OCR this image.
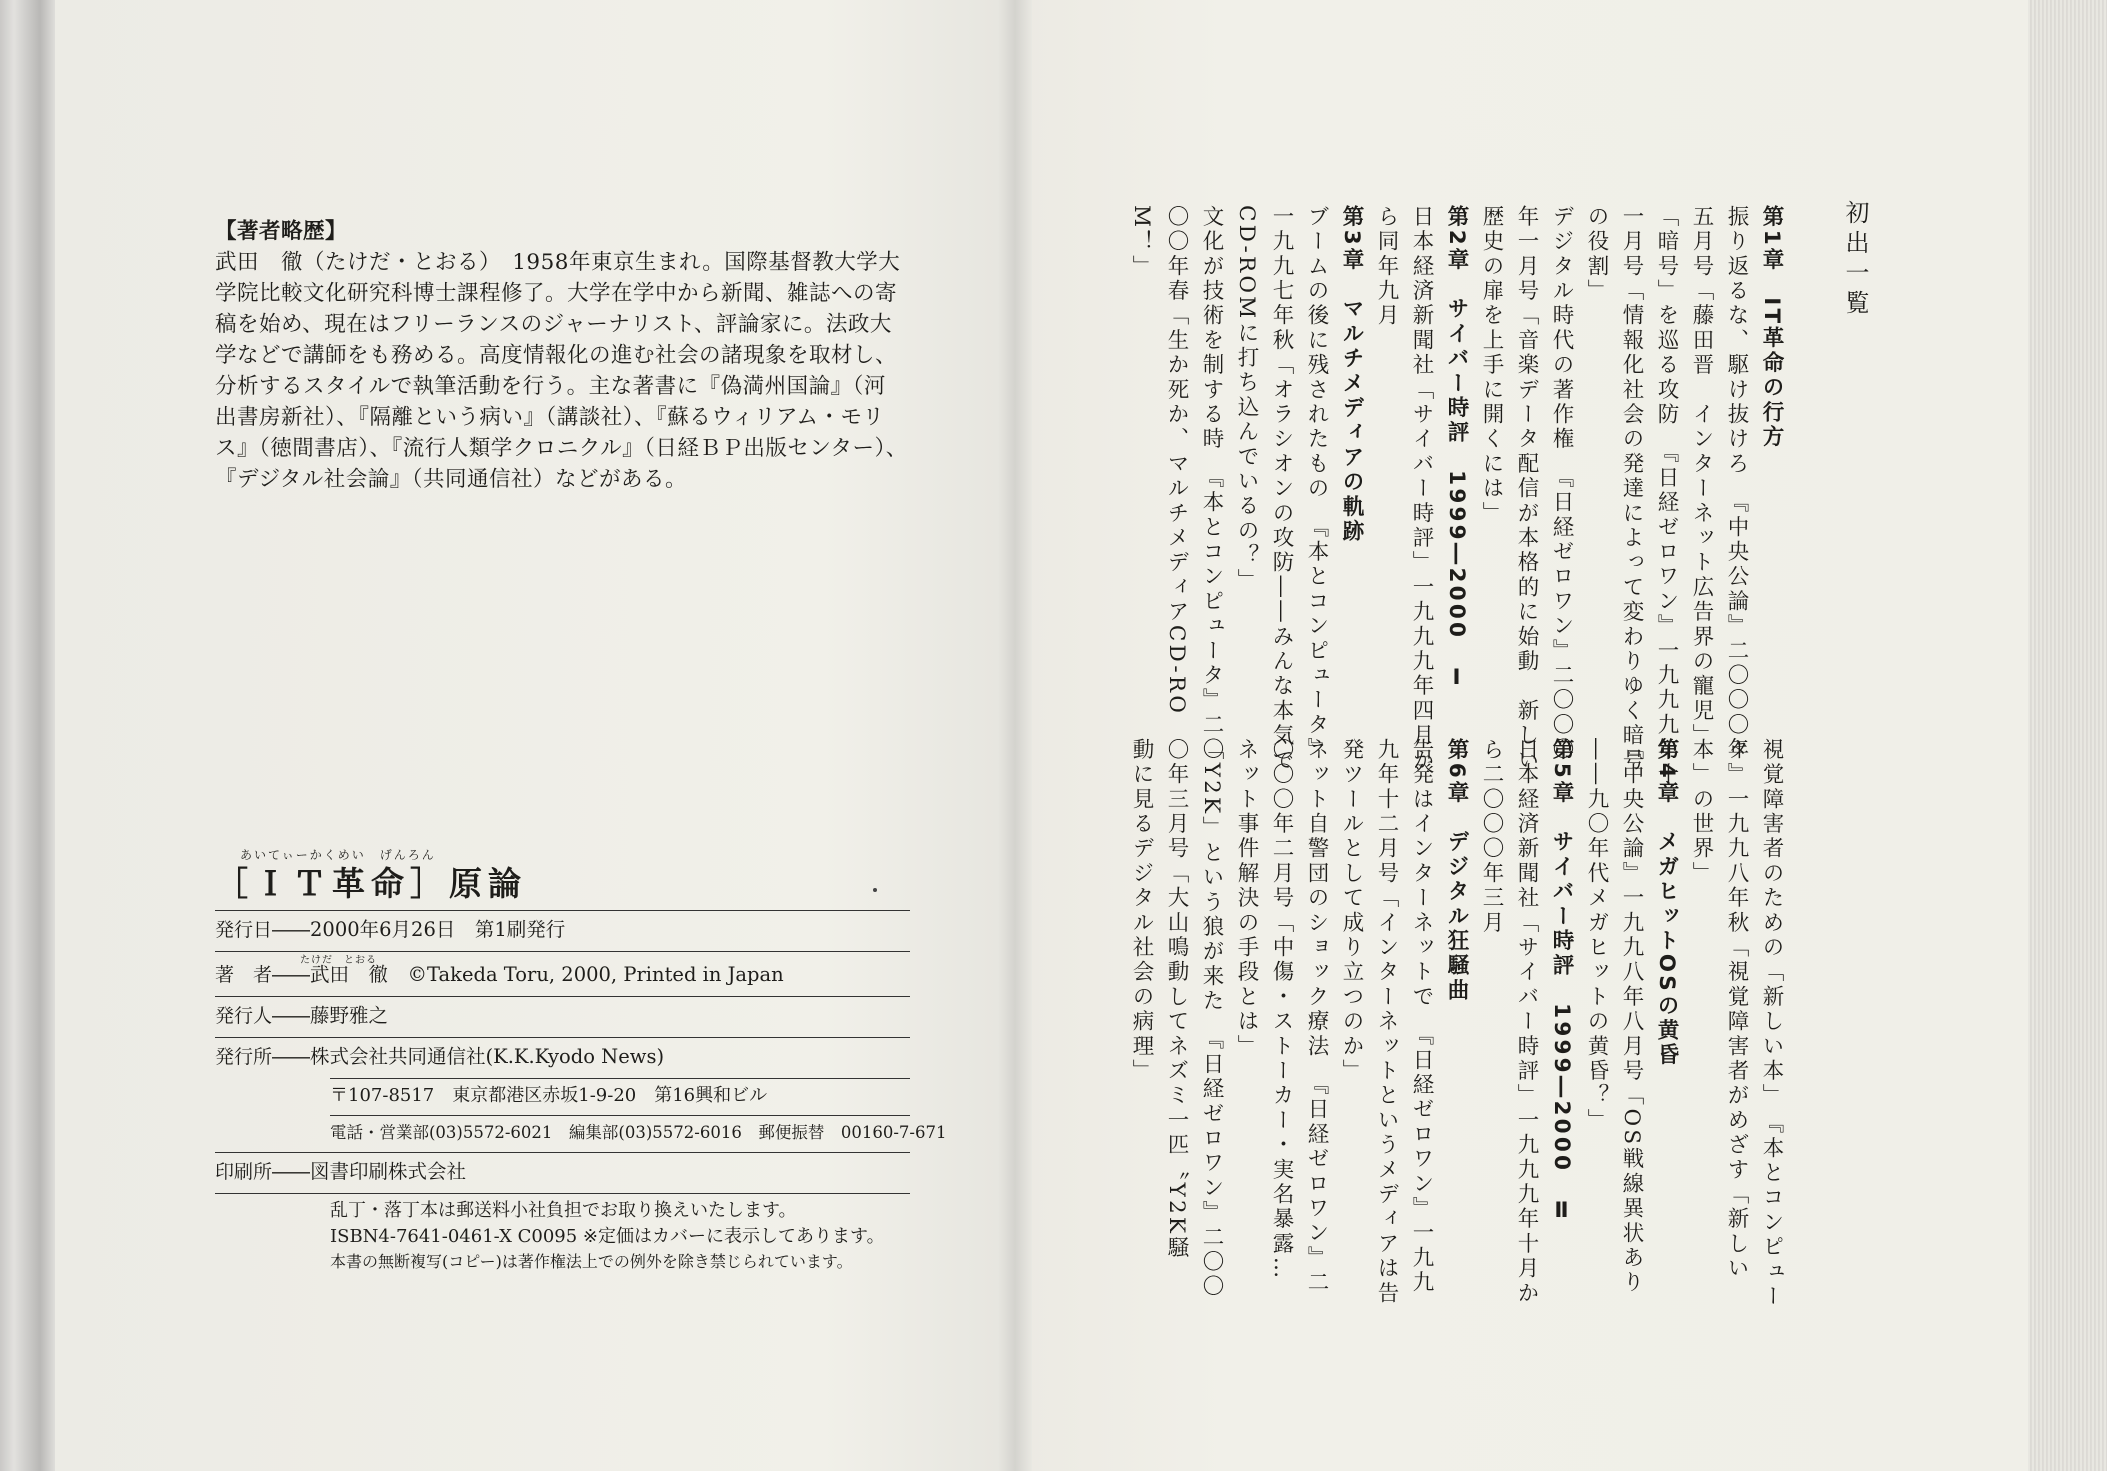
【著者略歴】

武田　徹（たけだ・とおる）　1958年東京生まれ。国際基督教大学大

学院比較文化研究科博士課程修了。大学在学中から新聞、雑誌への寄

稿を始め、現在はフリーランスのジャーナリスト、評論家に。法政大

学などで講師をも務める。高度情報化の進む社会の諸現象を取材し、

分析するスタイルで執筆活動を行う。主な著書に『偽満州国論』（河

出書房新社）、『隔離という病い』（講談社）、『蘇るウィリアム・モリ

ス』（徳間書店）、『流行人類学クロニクル』（日経ＢＰ出版センター）、

『デジタル社会論』（共同通信社）などがある。

あいてぃーかくめい　げんろん

［ＩＴ革命］原論

発行日――2000年6月26日　第1刷発行
たけだ　とおる
著　者――武田　徹　©Takeda Toru, 2000, Printed in Japan
発行人――藤野雅之
発行所――株式会社共同通信社(K.K.Kyodo News)
〒107-8517　東京都港区赤坂1-9-20　第16興和ビル
電話・営業部(03)5572-6021　編集部(03)5572-6016　郵便振替　00160-7-671
印刷所――図書印刷株式会社
乱丁・落丁本は郵送料小社負担でお取り換えいたします。
ISBN4-7641-0461-X C0095 ※定価はカバーに表示してあります。
本書の無断複写(コピー)は著作権法上での例外を除き禁じられています。
初出一覧
第1章　IT革命の行方
振り返るな、駆け抜けろ　『中央公論』二〇〇〇年
五月号「藤田晋　インターネット広告界の寵児」
「暗号」を巡る攻防　『日経ゼロワン』一九九九年十
一月号「情報化社会の発達によって変わりゆく暗号
の役割」
デジタル時代の著作権　『日経ゼロワン』二〇〇〇
年一月号「音楽データ配信が本格的に始動　新しい
歴史の扉を上手に開くには」
第2章　サイバー時評　1999―2000　Ⅰ
日本経済新聞社「サイバー時評」一九九九年四月か
ら同年九月
第3章　マルチメディアの軌跡
ブームの後に残されたもの　『本とコンピュータ』
一九九七年秋「オラシオンの攻防――みんな本気で
CD-ROMに打ち込んでいるの？」
文化が技術を制する時　『本とコンピュータ』二〇
〇〇年春「生か死か、マルチメディアCD-RO
M！」
視覚障害者のための「新しい本」　『本とコンピュー
タ』一九九八年秋「視覚障害者がめざす「新しい
本」の世界」
第4章　メガヒットOSの黄昏
『中央公論』一九九八年八月号「OS戦線異状あり
――九〇年代メガヒットの黄昏？」
第5章　サイバー時評　1999―2000　Ⅱ
日本経済新聞社「サイバー時評」一九九九年十月か
ら二〇〇〇年三月
第6章　デジタル狂騒曲
告発はインターネットで　『日経ゼロワン』一九九
九年十二月号「インターネットというメディアは告
発ツールとして成り立つのか」
ネット自警団のショック療法　『日経ゼロワン』二
〇〇〇年二月号「中傷・ストーカー・実名暴露…
ネット事件解決の手段とは」
「Y2K」という狼が来た　『日経ゼロワン』二〇〇
〇年三月号「大山鳴動してネズミ一匹〝Y2K騒
動に見るデジタル社会の病理」
